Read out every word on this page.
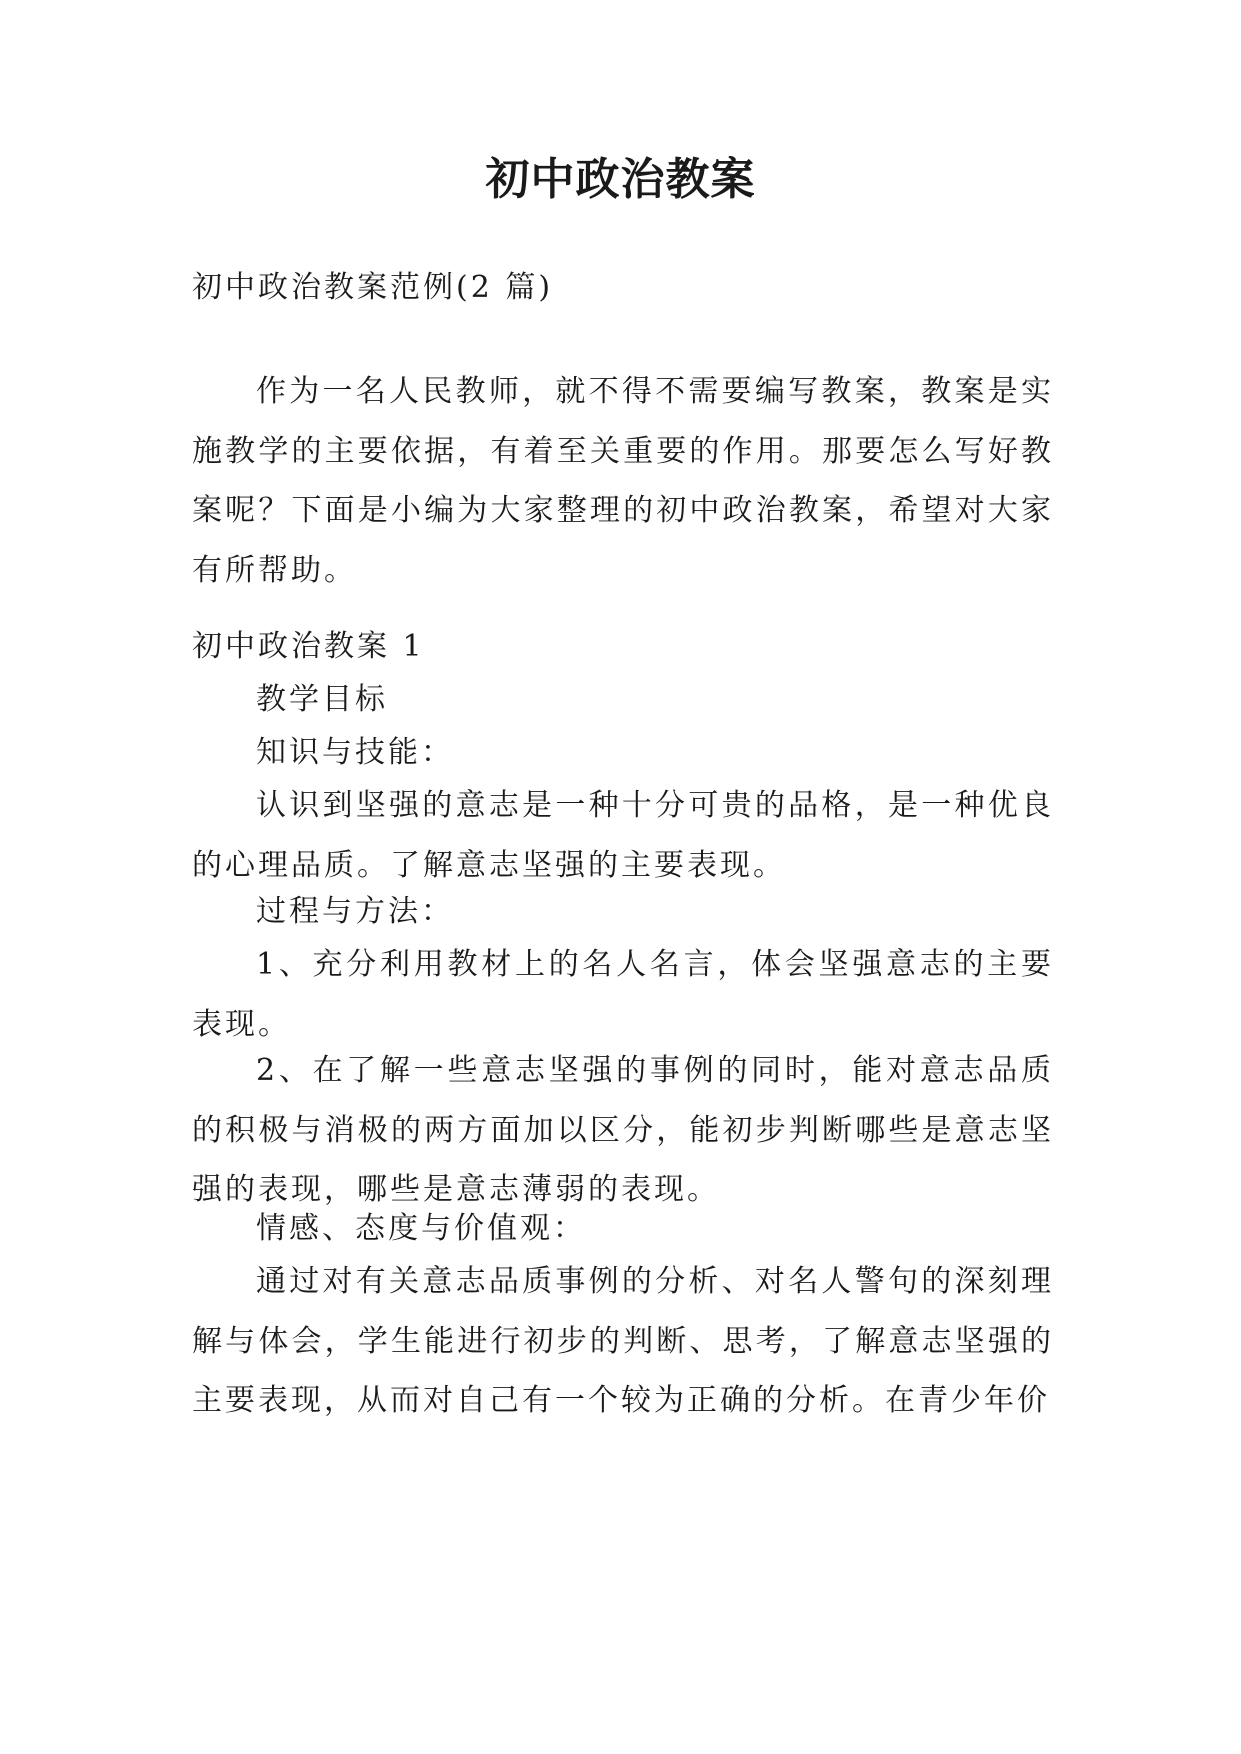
初中政治教案
初中政治教案范例(2 篇)
作为一名人民教师，就不得不需要编写教案，教案是实施教学的主要依据，有着至关重要的作用。那要怎么写好教案呢？下面是小编为大家整理的初中政治教案，希望对大家有所帮助。
初中政治教案 1
教学目标
知识与技能：
认识到坚强的意志是一种十分可贵的品格，是一种优良的心理品质。了解意志坚强的主要表现。
过程与方法：
1、充分利用教材上的名人名言，体会坚强意志的主要表现。
2、在了解一些意志坚强的事例的同时，能对意志品质的积极与消极的两方面加以区分，能初步判断哪些是意志坚强的表现，哪些是意志薄弱的表现。
情感、态度与价值观：
通过对有关意志品质事例的分析、对名人警句的深刻理解与体会，学生能进行初步的判断、思考，了解意志坚强的主要表现，从而对自己有一个较为正确的分析。在青少年价
